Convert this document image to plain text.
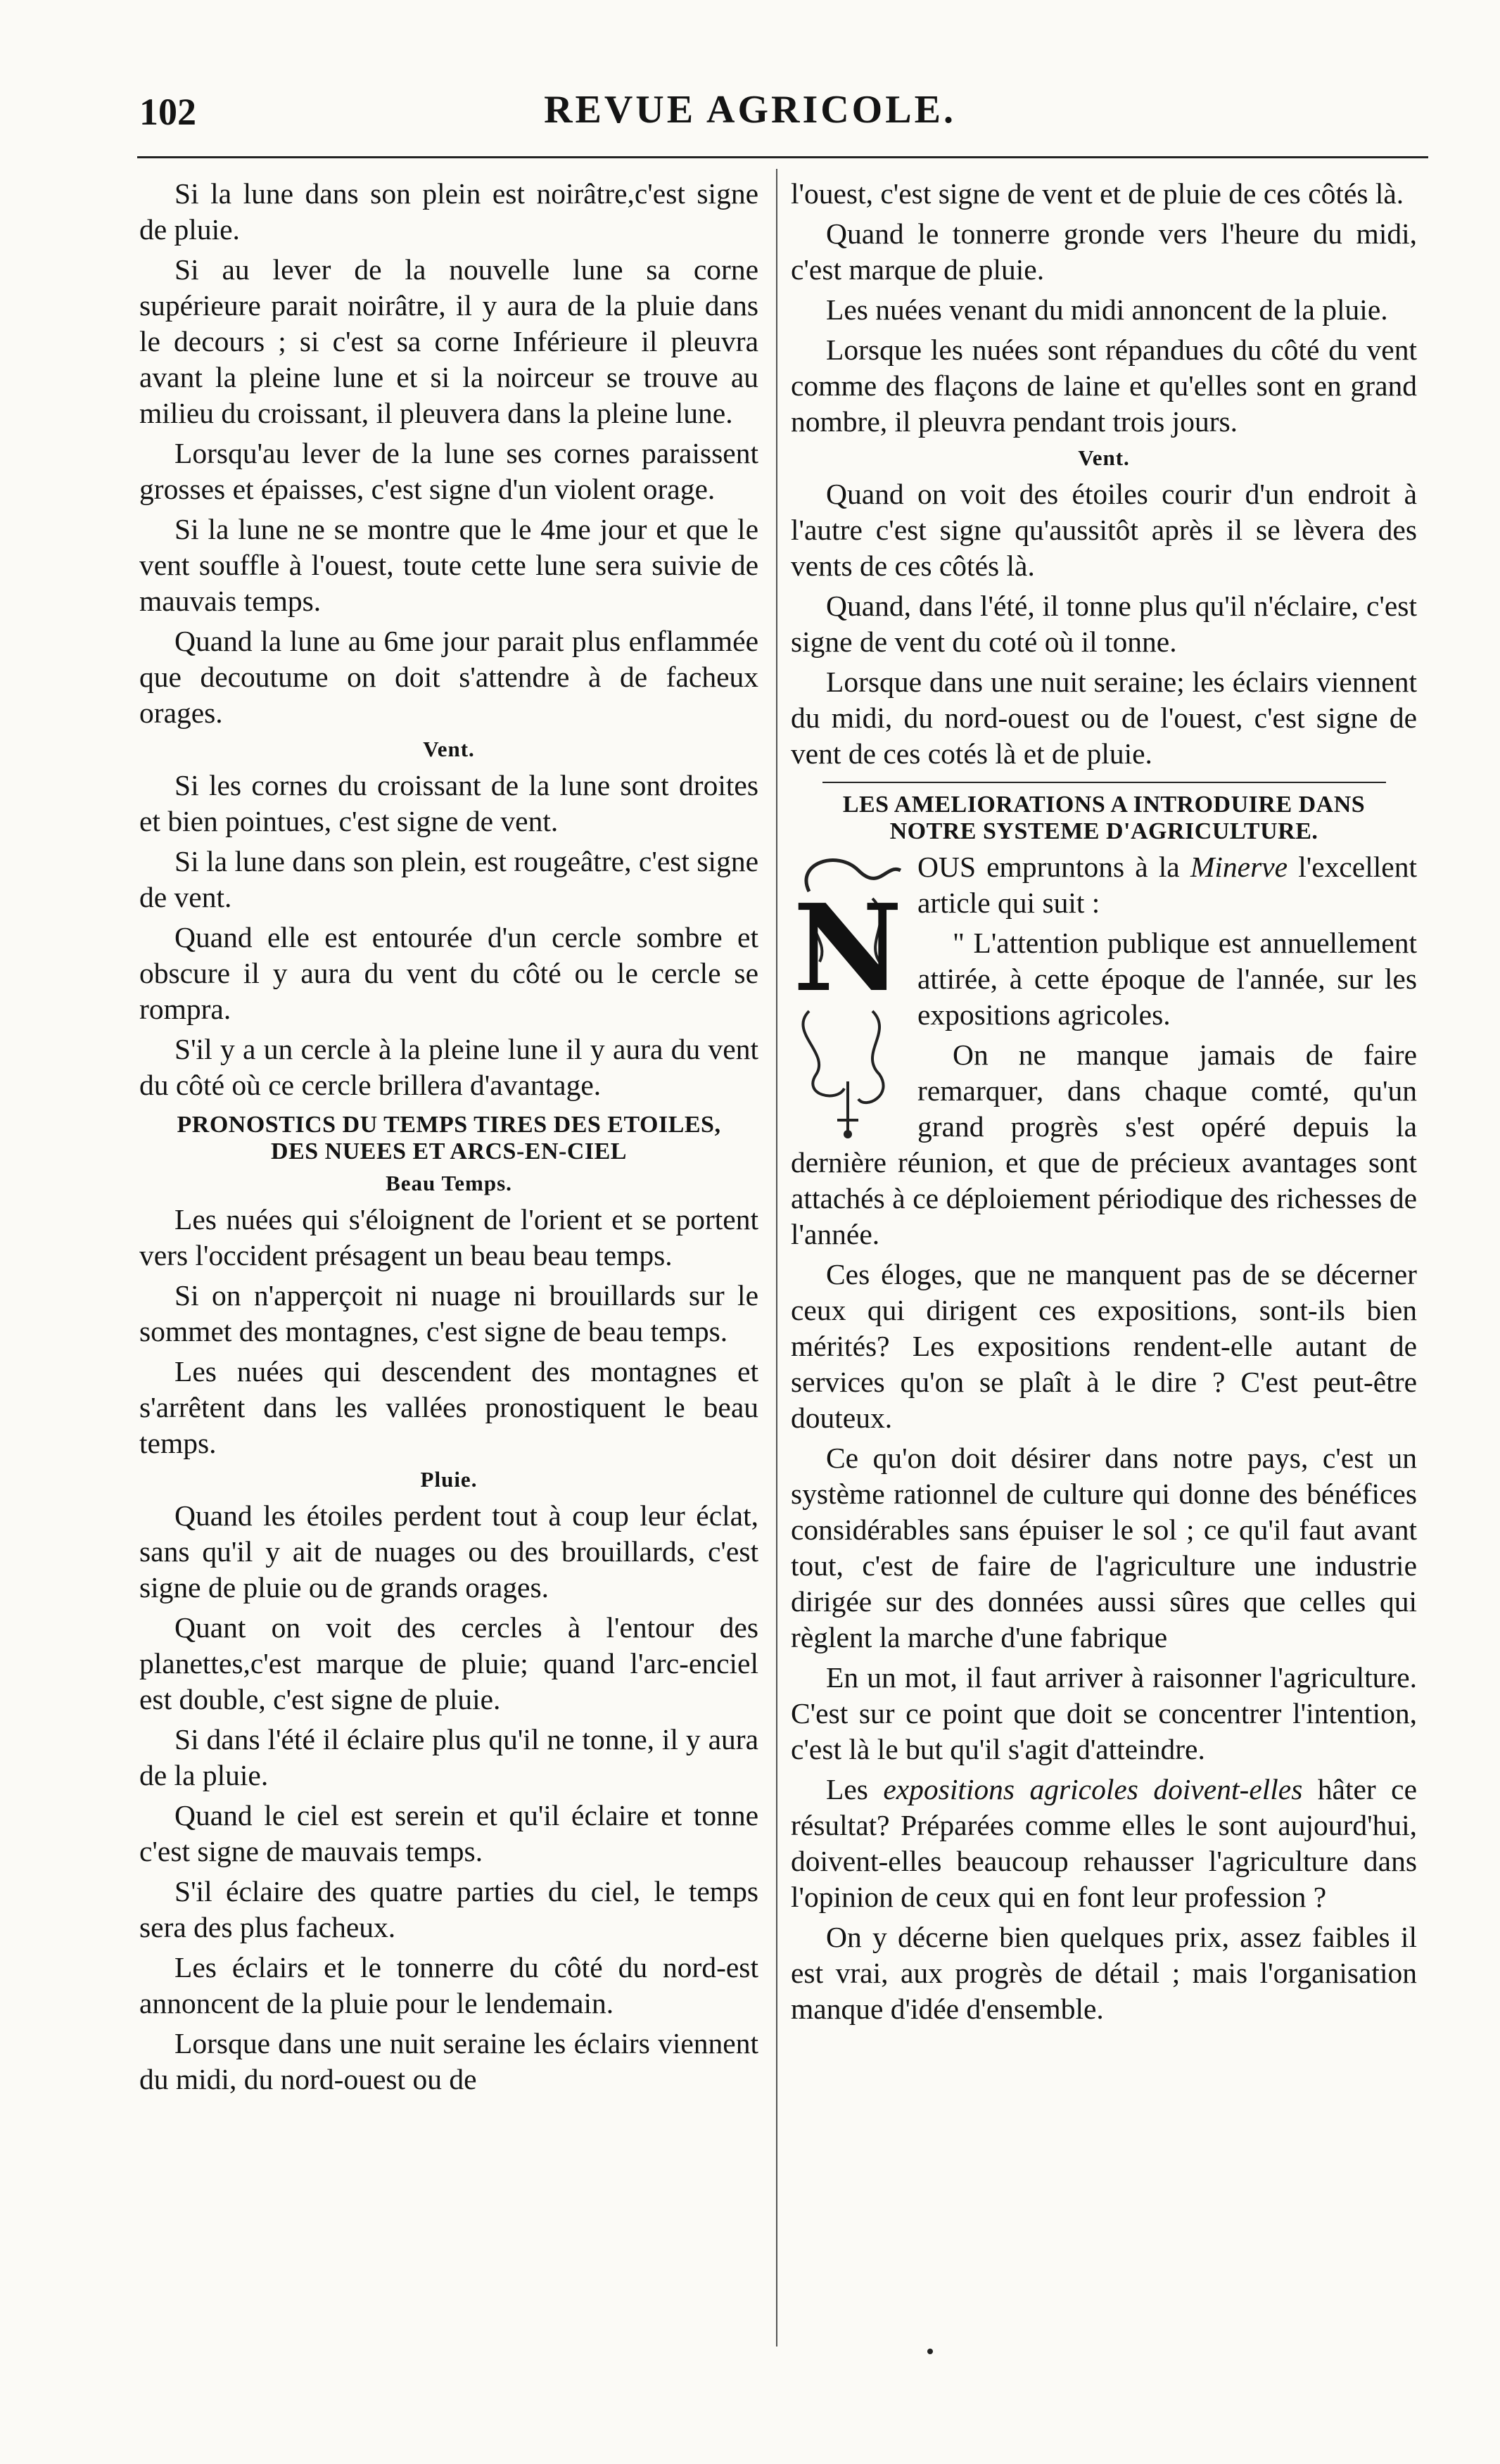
102	REVUE AGRICOLE.

Si la lune dans son plein est noirâtre,c'est signe de pluie.

Si au lever de la nouvelle lune sa corne supérieure parait noirâtre, il y aura de la pluie dans le decours ; si c'est sa corne Inférieure il pleuvra avant la pleine lune et si la noirceur se trouve au milieu du croissant, il pleuvera dans la pleine lune.

Lorsqu'au lever de la lune ses cornes paraissent grosses et épaisses, c'est signe d'un violent orage.

Si la lune ne se montre que le 4me jour et que le vent souffle à l'ouest, toute cette lune sera suivie de mauvais temps.

Quand la lune au 6me jour parait plus enflammée que decoutume on doit s'attendre à de facheux orages.

Vent.

Si les cornes du croissant de la lune sont droites et bien pointues, c'est signe de vent.

Si la lune dans son plein, est rougeâtre, c'est signe de vent.

Quand elle est entourée d'un cercle sombre et obscure il y aura du vent du côté ou le cercle se rompra.

S'il y a un cercle à la pleine lune il y aura du vent du côté où ce cercle brillera d'avantage.

PRONOSTICS DU TEMPS TIRES DES ETOILES,
DES NUEES ET ARCS-EN-CIEL
Beau Temps.

Les nuées qui s'éloignent de l'orient et se portent vers l'occident présagent un beau beau temps.

Si on n'apperçoit ni nuage ni brouillards sur le sommet des montagnes, c'est signe de beau temps.

Les nuées qui descendent des montagnes et s'arrêtent dans les vallées pronostiquent le beau temps.

Pluie.

Quand les étoiles perdent tout à coup leur éclat, sans qu'il y ait de nuages ou des brouillards, c'est signe de pluie ou de grands orages.

Quant on voit des cercles à l'entour des planettes,c'est marque de pluie; quand l'arc-enciel est double, c'est signe de pluie.

Si dans l'été il éclaire plus qu'il ne tonne, il y aura de la pluie.

Quand le ciel est serein et qu'il éclaire et tonne c'est signe de mauvais temps.

S'il éclaire des quatre parties du ciel, le temps sera des plus facheux.

Les éclairs et le tonnerre du côté du nord-est annoncent de la pluie pour le lendemain.

Lorsque dans une nuit seraine les éclairs viennent du midi, du nord-ouest ou de

l'ouest, c'est signe de vent et de pluie de ces côtés là.

Quand le tonnerre gronde vers l'heure du midi, c'est marque de pluie.

Les nuées venant du midi annoncent de la pluie.

Lorsque les nuées sont répandues du côté du vent comme des flaçons de laine et qu'elles sont en grand nombre, il pleuvra pendant trois jours.

Vent.

Quand on voit des étoiles courir d'un endroit à l'autre c'est signe qu'aussitôt après il se lèvera des vents de ces côtés là.

Quand, dans l'été, il tonne plus qu'il n'éclaire, c'est signe de vent du coté où il tonne.

Lorsque dans une nuit seraine; les éclairs viennent du midi, du nord-ouest ou de l'ouest, c'est signe de vent de ces cotés là et de pluie.

LES AMELIORATIONS A INTRODUIRE DANS
NOTRE SYSTEME D'AGRICULTURE.
N

OUS empruntons à la Minerve l'excellent article qui suit :

" L'attention publique est annuellement attirée, à cette époque de l'année, sur les expositions agricoles.

On ne manque jamais de faire remarquer, dans chaque comté, qu'un grand progrès s'est opéré depuis la dernière réunion, et que de précieux avantages sont attachés à ce déploiement périodique des richesses de l'année.

Ces éloges, que ne manquent pas de se décerner ceux qui dirigent ces expositions, sont-ils bien mérités? Les expositions rendent-elle autant de services qu'on se plaît à le dire ? C'est peut-être douteux.

Ce qu'on doit désirer dans notre pays, c'est un système rationnel de culture qui donne des bénéfices considérables sans épuiser le sol ; ce qu'il faut avant tout, c'est de faire de l'agriculture une industrie dirigée sur des données aussi sûres que celles qui règlent la marche d'une fabrique

En un mot, il faut arriver à raisonner l'agriculture. C'est sur ce point que doit se concentrer l'intention, c'est là le but qu'il s'agit d'atteindre.

Les expositions agricoles doivent-elles hâter ce résultat? Préparées comme elles le sont aujourd'hui, doivent-elles beaucoup rehausser l'agriculture dans l'opinion de ceux qui en font leur profession ?

On y décerne bien quelques prix, assez faibles il est vrai, aux progrès de détail ; mais l'organisation manque d'idée d'ensemble.
